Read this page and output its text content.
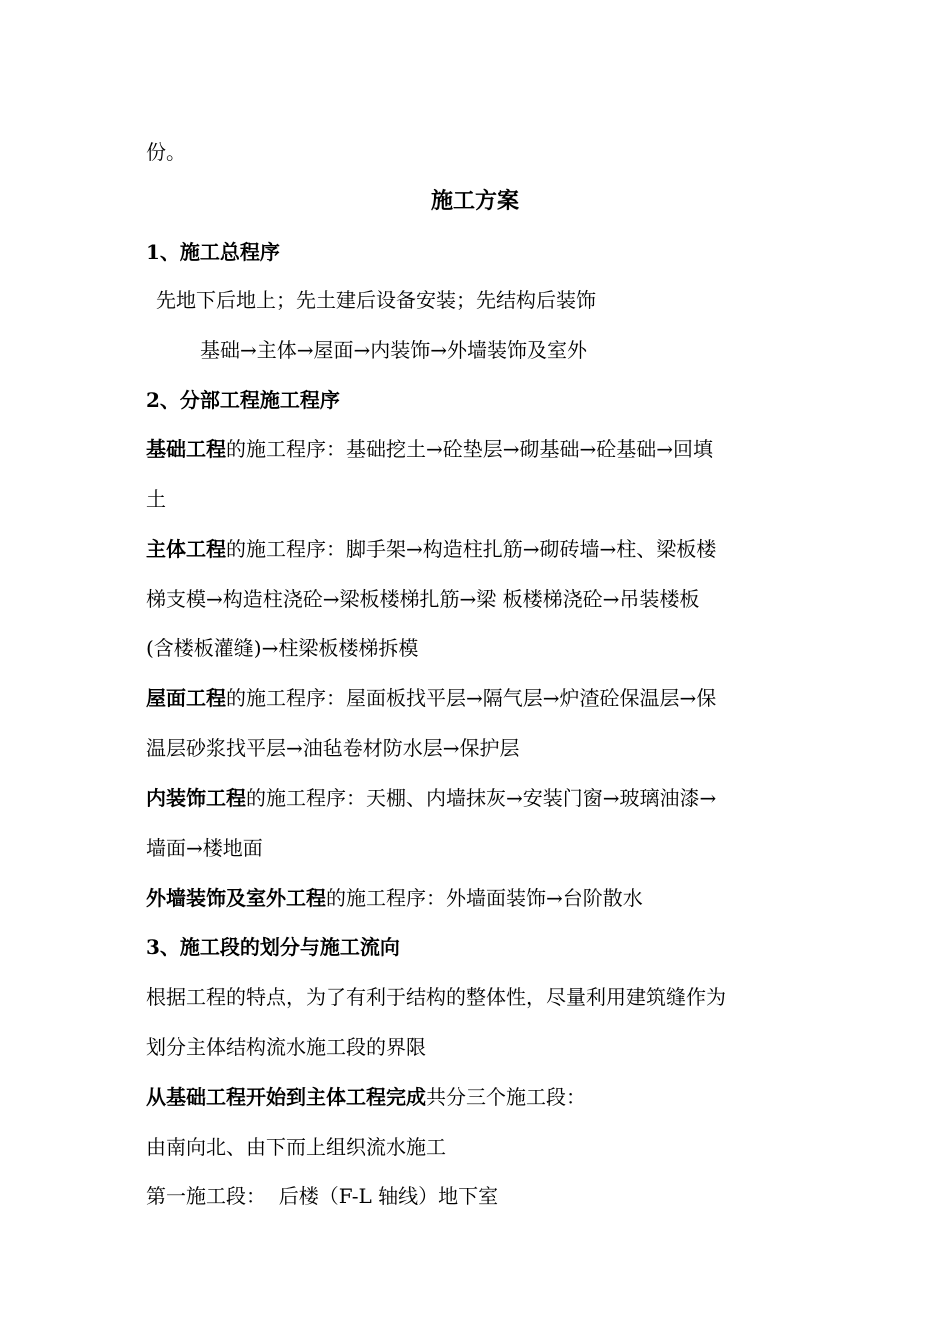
份。
施工方案
1、施工总程序
先地下后地上；先土建后设备安装；先结构后装饰
基础→主体→屋面→内装饰→外墙装饰及室外
2、分部工程施工程序
基础工程的施工程序：基础挖土→砼垫层→砌基础→砼基础→回填
土
主体工程的施工程序：脚手架→构造柱扎筋→砌砖墙→柱、梁板楼
梯支模→构造柱浇砼→梁板楼梯扎筋→梁 板楼梯浇砼→吊装楼板
(含楼板灌缝)→柱梁板楼梯拆模
屋面工程的施工程序：屋面板找平层→隔气层→炉渣砼保温层→保
温层砂浆找平层→油毡卷材防水层→保护层
内装饰工程的施工程序：天棚、内墙抹灰→安装门窗→玻璃油漆→
墙面→楼地面
外墙装饰及室外工程的施工程序：外墙面装饰→台阶散水
3、施工段的划分与施工流向
根据工程的特点，为了有利于结构的整体性，尽量利用建筑缝作为
划分主体结构流水施工段的界限
从基础工程开始到主体工程完成共分三个施工段：
由南向北、由下而上组织流水施工
第一施工段：  后楼（F-L 轴线）地下室
